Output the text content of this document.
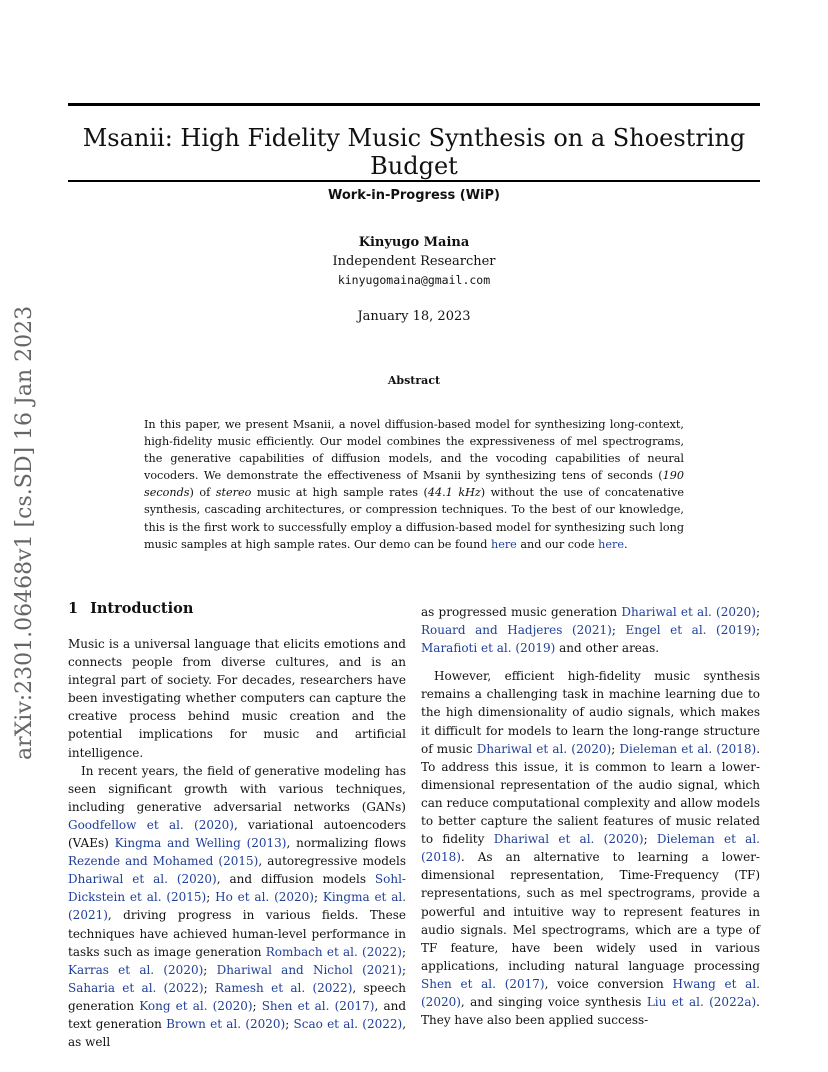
Msanii: High Fidelity Music Synthesis on a Shoestring Budget

Work-in-Progress (WiP)

Kinyugo Maina

Independent Researcher

kinyugomaina@gmail.com

January 18, 2023

Abstract

In this paper, we present Msanii, a novel diffusion-based model for synthesizing long-context, high-fidelity music efficiently. Our model combines the expressiveness of mel spectrograms, the generative capabilities of diffusion models, and the vocoding capabilities of neural vocoders. We demonstrate the effectiveness of Msanii by synthesizing tens of seconds (190 seconds) of stereo music at high sample rates (44.1 kHz) without the use of concatenative synthesis, cascading architectures, or compression techniques. To the best of our knowledge, this is the first work to successfully employ a diffusion-based model for synthesizing such long music samples at high sample rates. Our demo can be found here and our code here.

arXiv:2301.06468v1 [cs.SD] 16 Jan 2023 1 Introduction

Music is a universal language that elicits emotions and connects people from diverse cultures, and is an integral part of society. For decades, researchers have been investigating whether computers can capture the creative process behind music creation and the potential implications for music and artificial intelligence.

In recent years, the field of generative modeling has seen significant growth with various techniques, including generative adversarial networks (GANs) Goodfellow et al. (2020), variational autoencoders (VAEs) Kingma and Welling (2013), normalizing flows Rezende and Mohamed (2015), autoregressive models Dhariwal et al. (2020), and diffusion models Sohl-Dickstein et al. (2015); Ho et al. (2020); Kingma et al. (2021), driving progress in various fields. These techniques have achieved human-level performance in tasks such as image generation Rombach et al. (2022); Karras et al. (2020); Dhariwal and Nichol (2021); Saharia et al. (2022); Ramesh et al. (2022), speech generation Kong et al. (2020); Shen et al. (2017), and text generation Brown et al. (2020); Scao et al. (2022), as well

as progressed music generation Dhariwal et al. (2020); Rouard and Hadjeres (2021); Engel et al. (2019); Marafioti et al. (2019) and other areas.

However, efficient high-fidelity music synthesis remains a challenging task in machine learning due to the high dimensionality of audio signals, which makes it difficult for models to learn the long-range structure of music Dhariwal et al. (2020); Dieleman et al. (2018). To address this issue, it is common to learn a lower-dimensional representation of the audio signal, which can reduce computational complexity and allow models to better capture the salient features of music related to fidelity Dhariwal et al. (2020); Dieleman et al. (2018). As an alternative to learning a lower-dimensional representation, Time-Frequency (TF) representations, such as mel spectrograms, provide a powerful and intuitive way to represent features in audio signals. Mel spectrograms, which are a type of TF feature, have been widely used in various applications, including natural language processing Shen et al. (2017), voice conversion Hwang et al. (2020), and singing voice synthesis Liu et al. (2022a). They have also been applied success-
